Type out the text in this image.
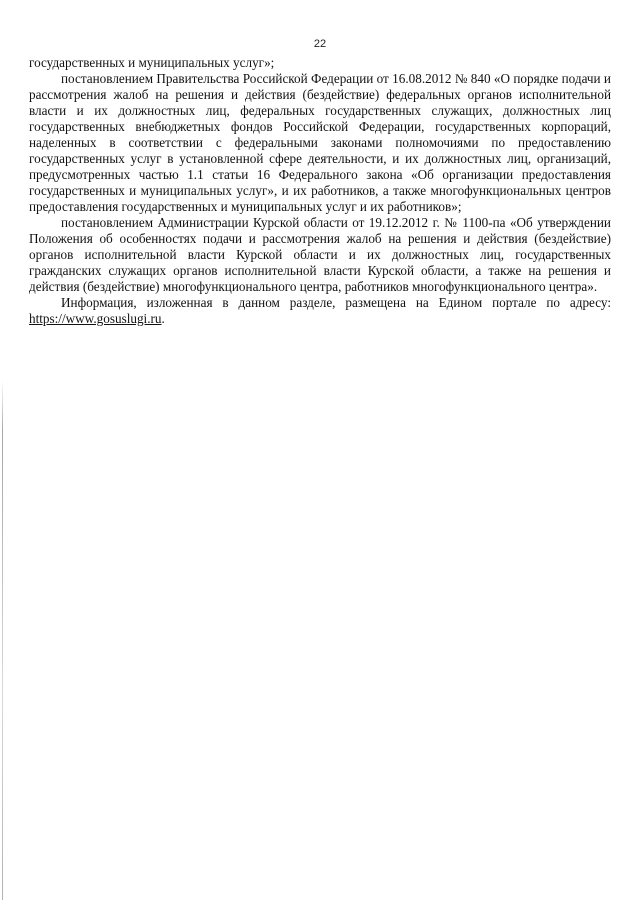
22

государственных и муниципальных услуг»;

постановлением Правительства Российской Федерации от 16.08.2012 № 840 «О порядке подачи и рассмотрения жалоб на решения и действия (бездействие) федеральных органов исполнительной власти и их должностных лиц, федеральных государственных служащих, должностных лиц государственных внебюджетных фондов Российской Федерации, государственных корпораций, наделенных в соответствии с федеральными законами полномочиями по предоставлению государственных услуг в установленной сфере деятельности, и их должностных лиц, организаций, предусмотренных частью 1.1 статьи 16 Федерального закона «Об организации предоставления государственных и муниципальных услуг», и их работников, а также многофункциональных центров предоставления государственных и муниципальных услуг и их работников»;

постановлением Администрации Курской области от 19.12.2012 г. № 1100-па «Об утверждении Положения об особенностях подачи и рассмотрения жалоб на решения и действия (бездействие) органов исполнительной власти Курской области и их должностных лиц, государственных гражданских служащих органов исполнительной власти Курской области, а также на решения и действия (бездействие) многофункционального центра, работников многофункционального центра».

Информация, изложенная в данном разделе, размещена на Едином портале по адресу: https://www.gosuslugi.ru.
